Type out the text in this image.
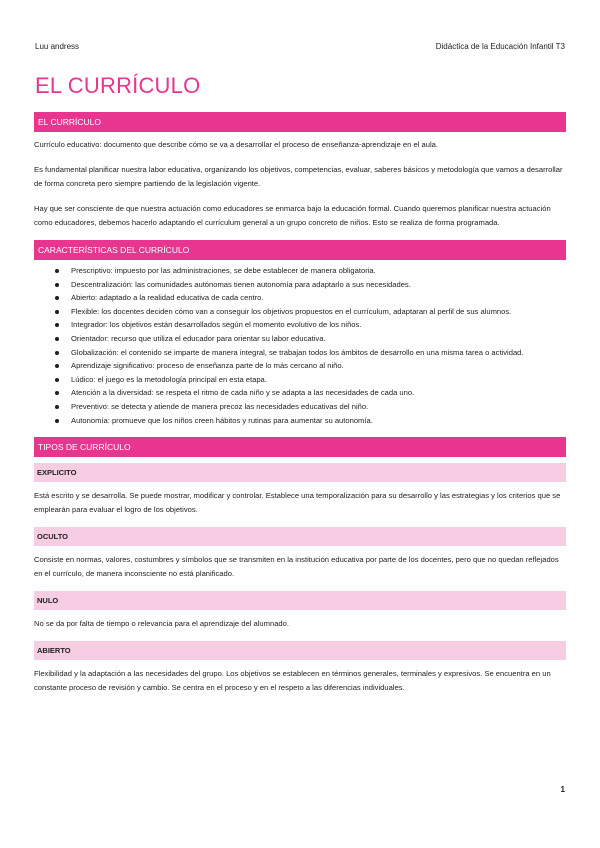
Luu andress	Didáctica de la Educación Infantil T3
EL CURRÍCULO
EL CURRÍCULO

Currículo educativo: documento que describe cómo se va a desarrollar el proceso de enseñanza-aprendizaje en el aula.

Es fundamental planificar nuestra labor educativa, organizando los objetivos, competencias, evaluar, saberes básicos y metodología que vamos a desarrollar de forma concreta pero siempre partiendo de la legislación vigente.

Hay que ser consciente de que nuestra actuación como educadores se enmarca bajo la educación formal. Cuando queremos planificar nuestra actuación como educadores, debemos hacerlo adaptando el currículum general a un grupo concreto de niños. Esto se realiza de forma programada.

CARACTERÍSTICAS DEL CURRÍCULO
Prescriptivo: impuesto por las administraciones, se debe establecer de manera obligatoria.
Descentralización: las comunidades autónomas tienen autonomía para adaptarlo a sus necesidades.
Abierto: adaptado a la realidad educativa de cada centro.
Flexible: los docentes deciden cómo van a conseguir los objetivos propuestos en el currículum, adaptaran al perfil de sus alumnos.
Integrador: los objetivos están desarrollados según el momento evolutivo de los niños.
Orientador: recurso que utiliza el educador para orientar su labor educativa.
Globalización: el contenido se imparte de manera integral, se trabajan todos los ámbitos de desarrollo en una misma tarea o actividad.
Aprendizaje significativo: proceso de enseñanza parte de lo más cercano al niño.
Lúdico: el juego es la metodología principal en esta etapa.
Atención a la diversidad: se respeta el ritmo de cada niño y se adapta a las necesidades de cada uno.
Preventivo: se detecta y atiende de manera precoz las necesidades educativas del niño.
Autonomía: promueve que los niños creen hábitos y rutinas para aumentar su autonomía.
TIPOS DE CURRÍCULO
EXPLICITO

Está escrito y se desarrolla. Se puede mostrar, modificar y controlar. Establece una temporalización para su desarrollo y las estrategias y los criterios que se emplearán para evaluar el logro de los objetivos.

OCULTO

Consiste en normas, valores, costumbres y símbolos que se transmiten en la institución educativa por parte de los docentes, pero que no quedan reflejados en el currículo, de manera inconsciente no está planificado.

NULO

No se da por falta de tiempo o relevancia para el aprendizaje del alumnado.

ABIERTO

Flexibilidad y la adaptación a las necesidades del grupo. Los objetivos se establecen en términos generales, terminales y expresivos. Se encuentra en un constante proceso de revisión y cambio. Se centra en el proceso y en el respeto a las diferencias individuales.

1
